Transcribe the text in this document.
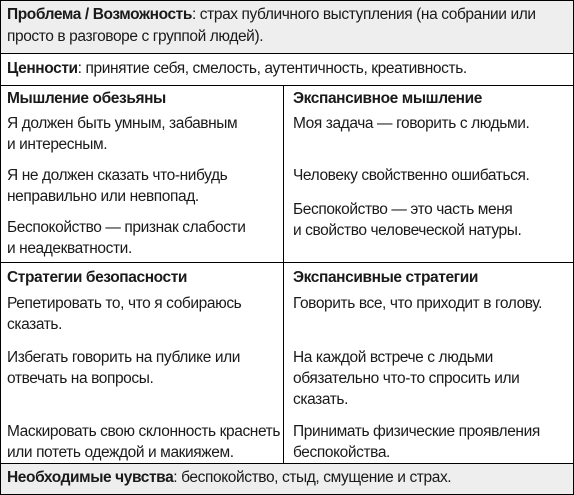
Проблема / Возможность: страх публичного выступления (на собрании или
просто в разговоре с группой людей).
Ценности: принятие себя, смелость, аутентичность, креативность.
Мышление обезьяны	Экспансивное мышление
Я должен быть умным, забавным
и интересным.
Я не должен сказать что-нибудь
неправильно или невпопад.
Беспокойство — признак слабости
и неадекватности.
Моя задача — говорить с людьми.
Человеку свойственно ошибаться.
Беспокойство — это часть меня
и свойство человеческой натуры.
Стратегии безопасности	Экспансивные стратегии
Репетировать то, что я собираюсь
сказать.
Избегать говорить на публике или
отвечать на вопросы.
Маскировать свою склонность краснеть
или потеть одеждой и макияжем.
Говорить все, что приходит в голову.
На каждой встрече с людьми
обязательно что-то спросить или
сказать.
Принимать физические проявления
беспокойства.
Необходимые чувства: беспокойство, стыд, смущение и страх.
